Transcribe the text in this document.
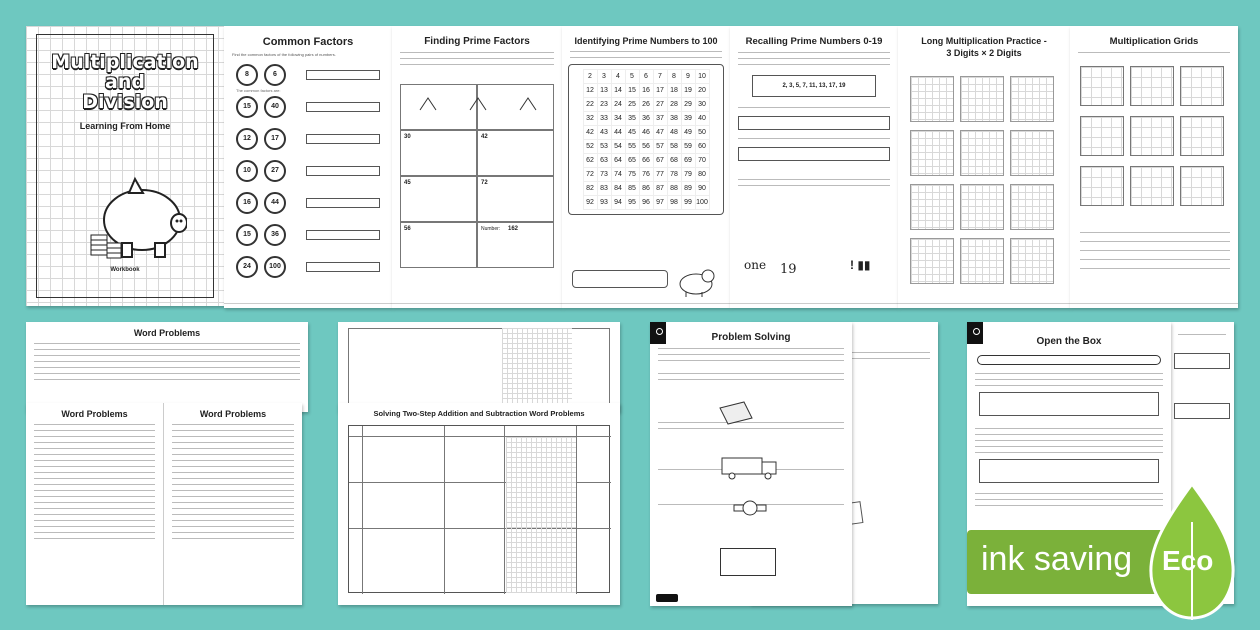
Multiplication
and
Division
Learning From Home
Workbook
Common Factors
Find the common factors of the following pairs of numbers.
8	6
The common factors are:
15	40
12	17
10	27
16	44
15	36
24	100
Finding Prime Factors
30	42
45	72
56	Number: 162
Identifying Prime Numbers to 100
2	3	4	5	6	7	8	9	10
12	13	14	15	16	17	18	19	20
22	23	24	25	26	27	28	29	30
32	33	34	35	36	37	38	39	40
42	43	44	45	46	47	48	49	50
52	53	54	55	56	57	58	59	60
62	63	64	65	66	67	68	69	70
72	73	74	75	76	77	78	79	80
82	83	84	85	86	87	88	89	90
92	93	94	95	96	97	98	99	100
Recalling Prime Numbers 0-19
2, 3, 5, 7, 11, 13, 17, 19
one 19	! ▮▮
Long Multiplication Practice -
3 Digits × 2 Digits
Multiplication Grids
Word Problems
Word Problems	Word Problems	Solving Two-Step Addition and Subtraction Word Problems
Problem Solving	Open the Box
ink saving Eco
